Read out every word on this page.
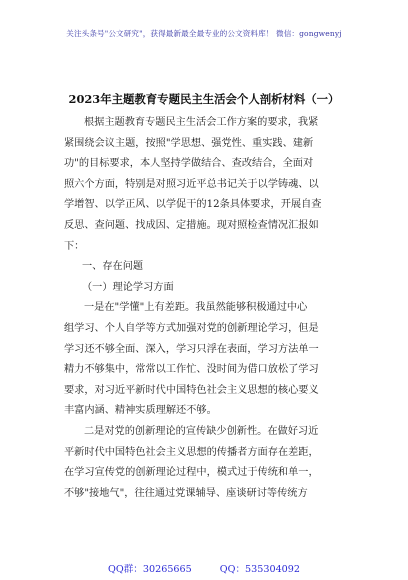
关注头条号"公文研究"，获得最新最全最专业的公文资料库！ 微信：gongwenyj
2023年主题教育专题民主生活会个人剖析材料（一）

根据主题教育专题民主生活会工作方案的要求，我紧

紧围绕会议主题，按照"学思想、强党性、重实践、建新

功"的目标要求，本人坚持学做结合、查改结合，全面对

照六个方面，特别是对照习近平总书记关于以学铸魂、以

学增智、以学正风、以学促干的12条具体要求，开展自查

反思、查问题、找成因、定措施。现对照检查情况汇报如

下：

一、存在问题

（一）理论学习方面

一是在"学懂"上有差距。我虽然能够积极通过中心

组学习、个人自学等方式加强对党的创新理论学习，但是

学习还不够全面、深入，学习只浮在表面，学习方法单一

精力不够集中，常常以工作忙、没时间为借口放松了学习

要求，对习近平新时代中国特色社会主义思想的核心要义

丰富内涵、精神实质理解还不够。

二是对党的创新理论的宣传缺少创新性。在做好习近

平新时代中国特色社会主义思想的传播者方面存在差距，

在学习宣传党的创新理论过程中，模式过于传统和单一，

不够"接地气"，往往通过党课辅导、座谈研讨等传统方

QQ群：30265665	QQ：535304092
